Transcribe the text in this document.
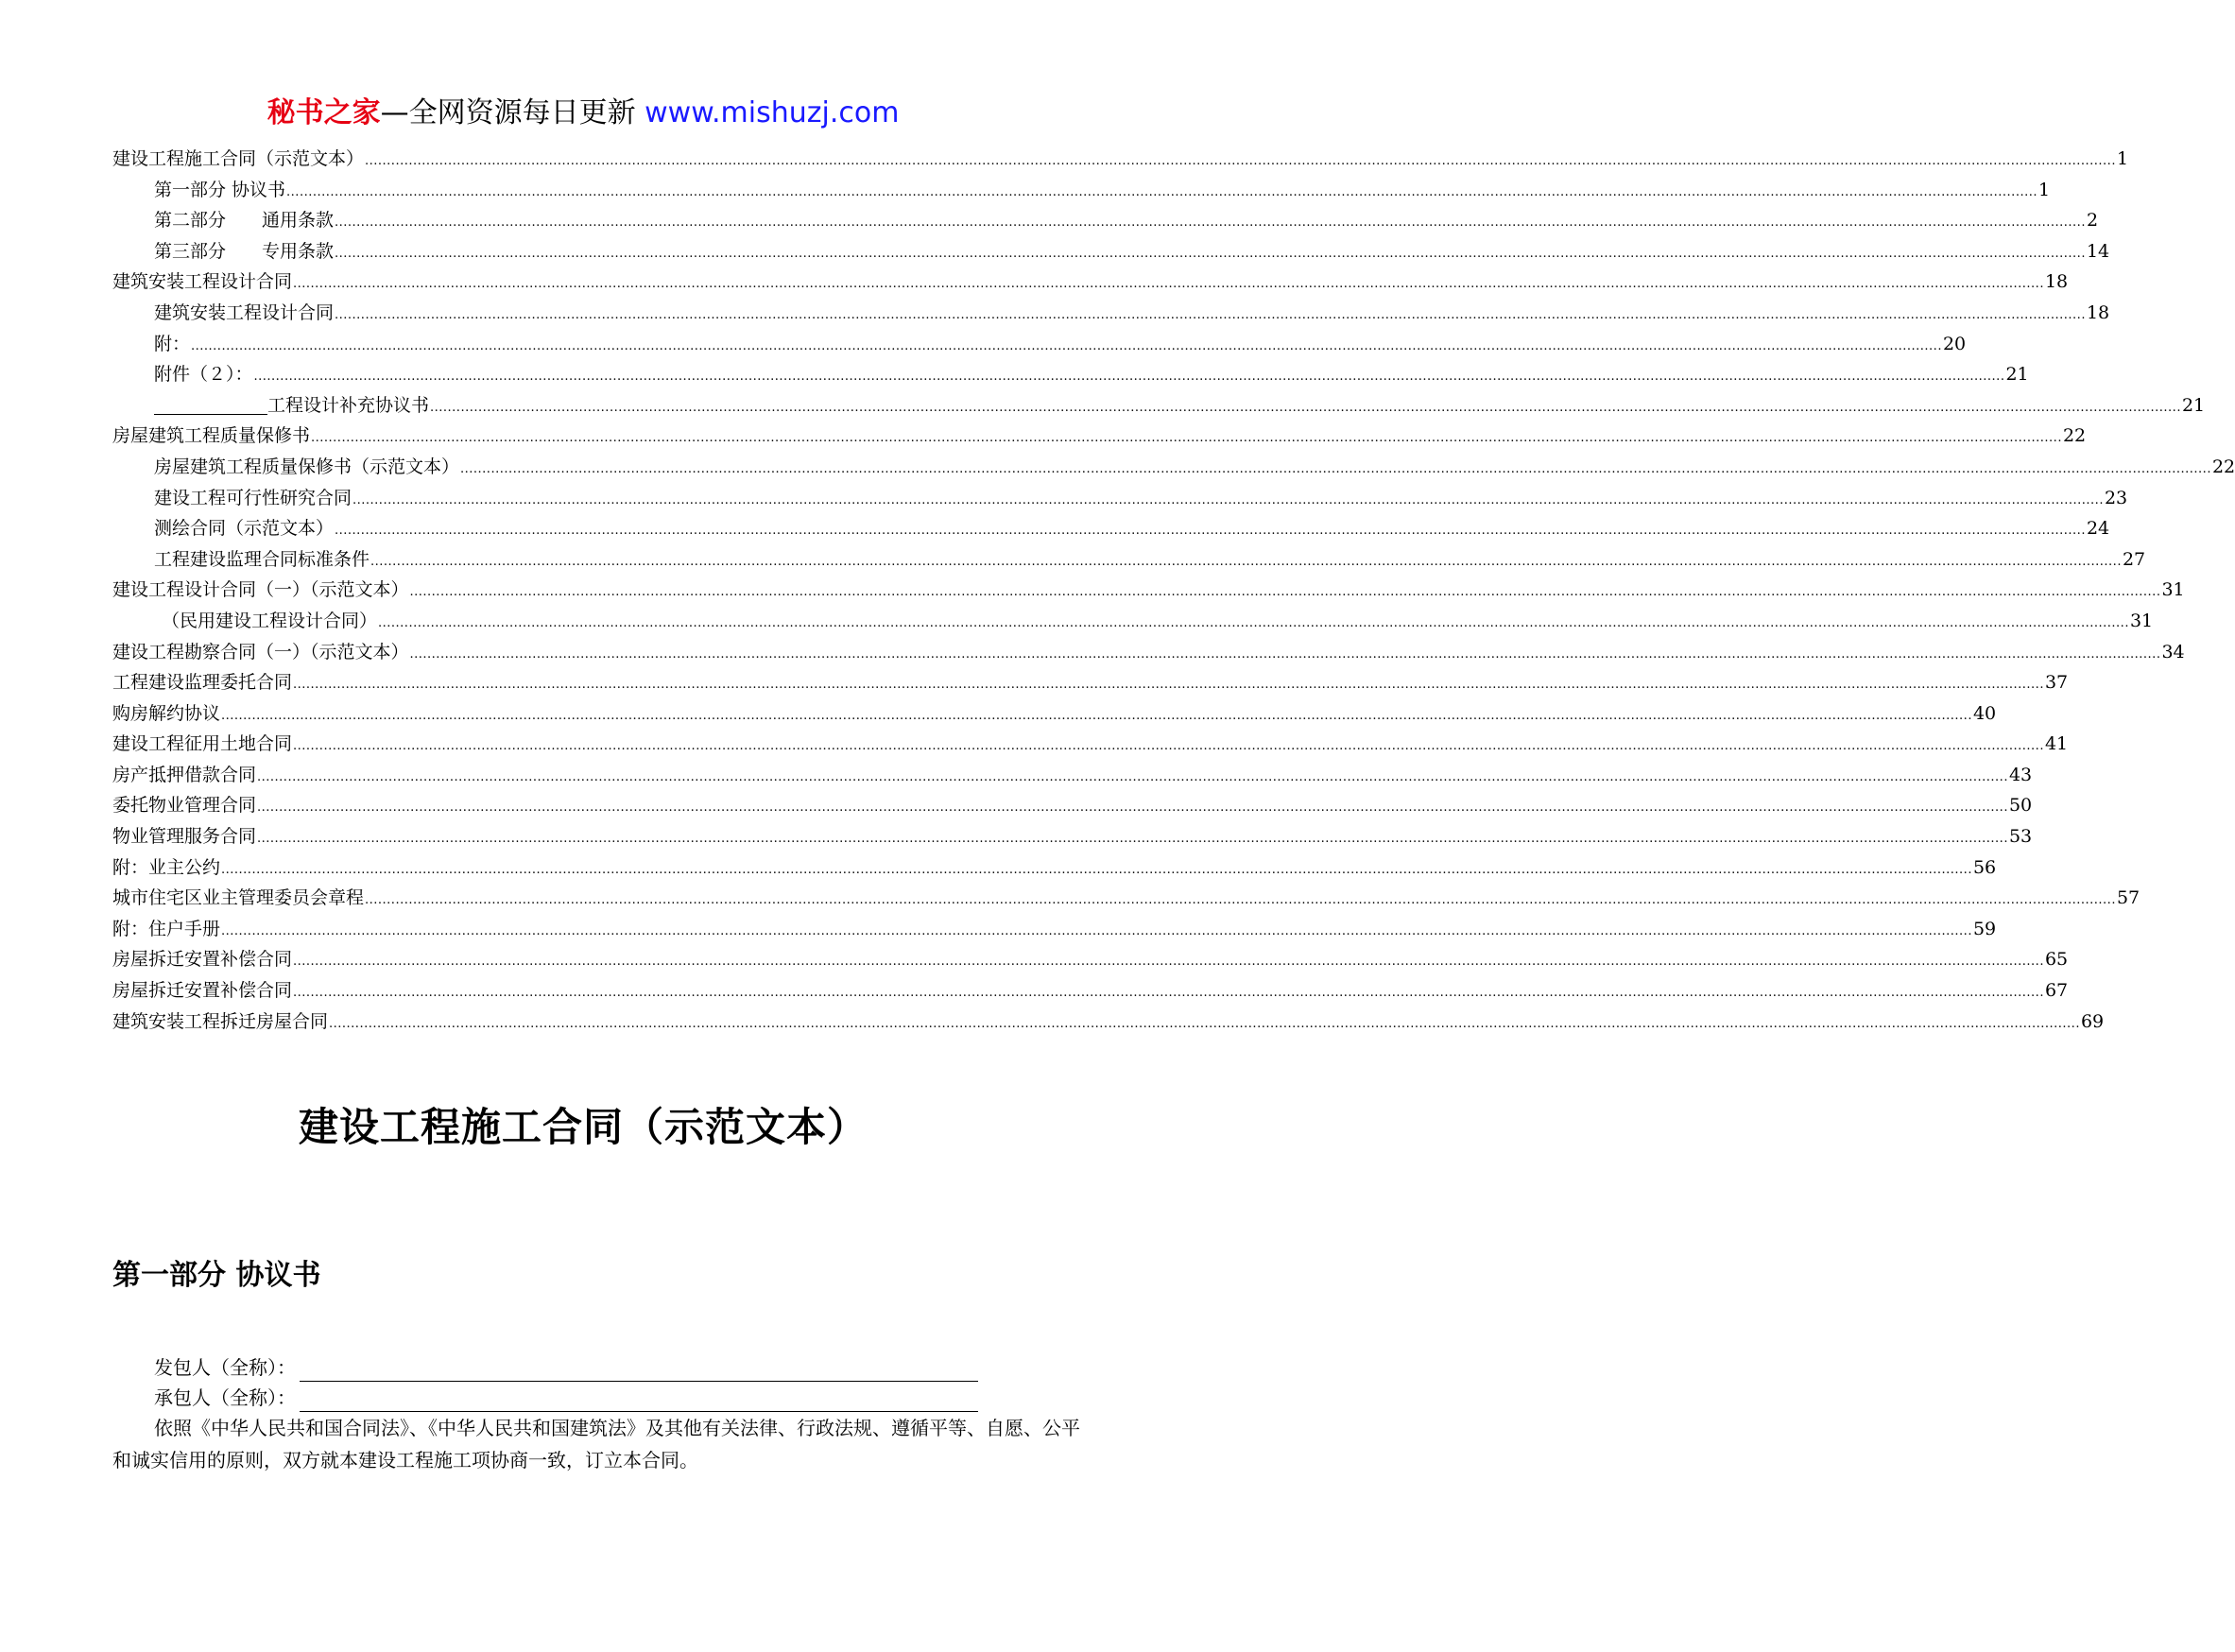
秘书之家—全网资源每日更新 www.mishuzj.com
建设工程施工合同（示范文本） ................................................................................................................................................................................................................................................................................................................................................................................................................ 1
第一部分 协议书 ................................................................................................................................................................................................................................................................................................................................................................................................................ 1
第二部分　　通用条款 ................................................................................................................................................................................................................................................................................................................................................................................................................ 2
第三部分　　专用条款 ................................................................................................................................................................................................................................................................................................................................................................................................................ 14
建筑安装工程设计合同 ................................................................................................................................................................................................................................................................................................................................................................................................................ 18
建筑安装工程设计合同 ................................................................................................................................................................................................................................................................................................................................................................................................................ 18
附： ................................................................................................................................................................................................................................................................................................................................................................................................................ 20
附件（２）： ................................................................................................................................................................................................................................................................................................................................................................................................................ 21
工程设计补充协议书 ................................................................................................................................................................................................................................................................................................................................................................................................................ 21
房屋建筑工程质量保修书 ................................................................................................................................................................................................................................................................................................................................................................................................................ 22
房屋建筑工程质量保修书（示范文本） ................................................................................................................................................................................................................................................................................................................................................................................................................ 22
建设工程可行性研究合同 ................................................................................................................................................................................................................................................................................................................................................................................................................ 23
测绘合同（示范文本） ................................................................................................................................................................................................................................................................................................................................................................................................................ 24
工程建设监理合同标准条件 ................................................................................................................................................................................................................................................................................................................................................................................................................ 27
建设工程设计合同（一）（示范文本） ................................................................................................................................................................................................................................................................................................................................................................................................................ 31
（民用建设工程设计合同） ................................................................................................................................................................................................................................................................................................................................................................................................................ 31
建设工程勘察合同（一）（示范文本） ................................................................................................................................................................................................................................................................................................................................................................................................................ 34
工程建设监理委托合同 ................................................................................................................................................................................................................................................................................................................................................................................................................ 37
购房解约协议 ................................................................................................................................................................................................................................................................................................................................................................................................................ 40
建设工程征用土地合同 ................................................................................................................................................................................................................................................................................................................................................................................................................ 41
房产抵押借款合同 ................................................................................................................................................................................................................................................................................................................................................................................................................ 43
委托物业管理合同 ................................................................................................................................................................................................................................................................................................................................................................................................................ 50
物业管理服务合同 ................................................................................................................................................................................................................................................................................................................................................................................................................ 53
附：业主公约 ................................................................................................................................................................................................................................................................................................................................................................................................................ 56
城市住宅区业主管理委员会章程 ................................................................................................................................................................................................................................................................................................................................................................................................................ 57
附：住户手册 ................................................................................................................................................................................................................................................................................................................................................................................................................ 59
房屋拆迁安置补偿合同 ................................................................................................................................................................................................................................................................................................................................................................................................................ 65
房屋拆迁安置补偿合同 ................................................................................................................................................................................................................................................................................................................................................................................................................ 67
建筑安装工程拆迁房屋合同 ................................................................................................................................................................................................................................................................................................................................................................................................................ 69
建设工程施工合同（示范文本）
第一部分 协议书
发包人（全称）：
承包人（全称）：
依照《中华人民共和国合同法》、《中华人民共和国建筑法》及其他有关法律、行政法规、遵循平等、自愿、公平和诚实信用的原则，双方就本建设工程施工项协商一致，订立本合同。
